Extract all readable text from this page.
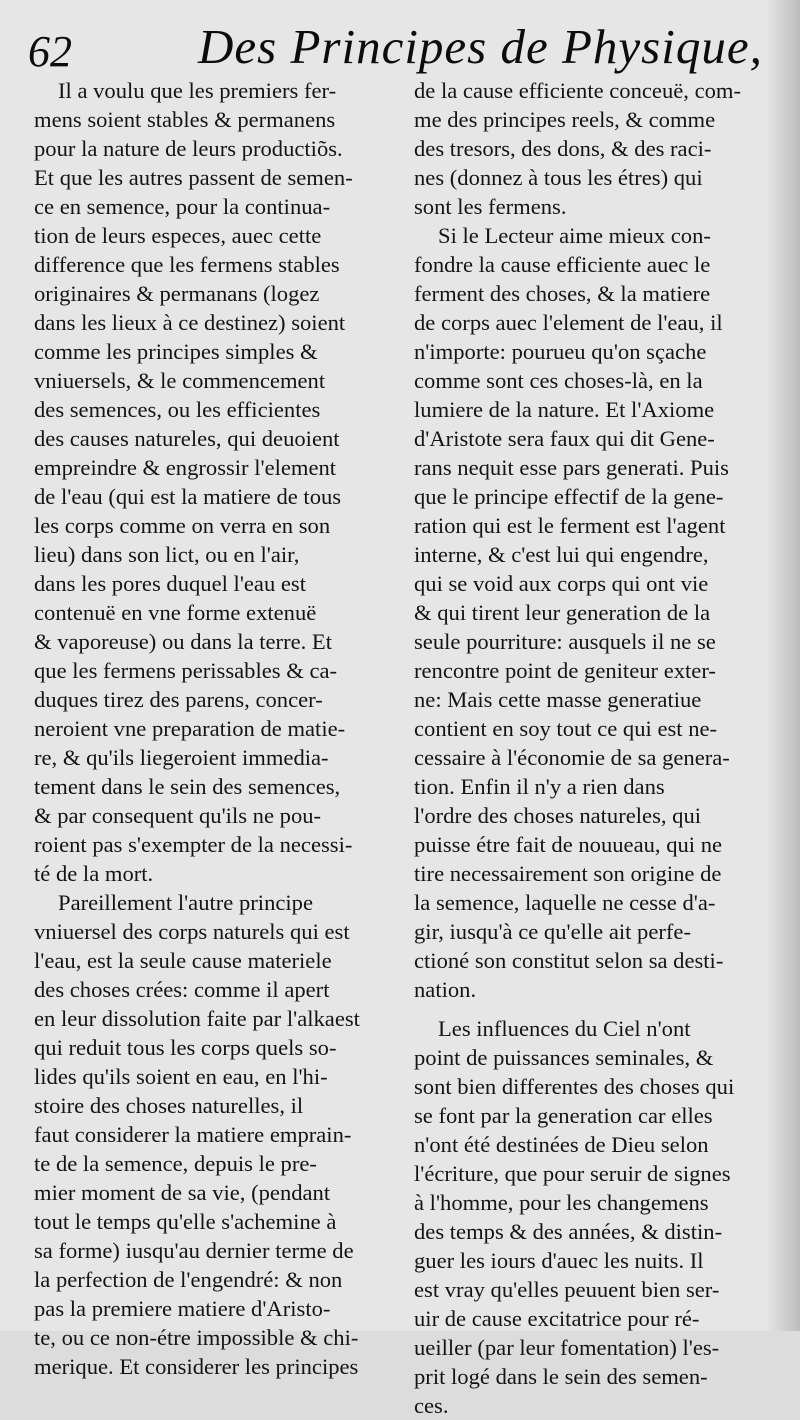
62	Des Principes de Physique,
Il a voulu que les premiers fer-
mens soient stables & permanens
pour la nature de leurs productiõs.
Et que les autres passent de semen-
ce en semence, pour la continua-
tion de leurs especes, auec cette
difference que les fermens stables
originaires & permanans (logez
dans les lieux à ce destinez) soient
comme les principes simples &
vniuersels, & le commencement
des semences, ou les efficientes
des causes natureles, qui deuoient
empreindre & engrossir l'element
de l'eau (qui est la matiere de tous
les corps comme on verra en son
lieu) dans son lict, ou en l'air,
dans les pores duquel l'eau est
contenuë en vne forme extenuë
& vaporeuse) ou dans la terre. Et
que les fermens perissables & ca-
duques tirez des parens, concer-
neroient vne preparation de matie-
re, & qu'ils liegeroient immedia-
tement dans le sein des semences,
& par consequent qu'ils ne pou-
roient pas s'exempter de la necessi-
té de la mort.
Pareillement l'autre principe
vniuersel des corps naturels qui est
l'eau, est la seule cause materiele
des choses crées: comme il apert
en leur dissolution faite par l'alkaest
qui reduit tous les corps quels so-
lides qu'ils soient en eau, en l'hi-
stoire des choses naturelles, il
faut considerer la matiere emprain-
te de la semence, depuis le pre-
mier moment de sa vie, (pendant
tout le temps qu'elle s'achemine à
sa forme) iusqu'au dernier terme de
la perfection de l'engendré: & non
pas la premiere matiere d'Aristo-
te, ou ce non-étre impossible & chi-
merique. Et considerer les principes
de la cause efficiente conceuë, com-
me des principes reels, & comme
des tresors, des dons, & des raci-
nes (donnez à tous les étres) qui
sont les fermens.
Si le Lecteur aime mieux con-
fondre la cause efficiente auec le
ferment des choses, & la matiere
de corps auec l'element de l'eau, il
n'importe: pourueu qu'on sçache
comme sont ces choses-là, en la
lumiere de la nature. Et l'Axiome
d'Aristote sera faux qui dit Gene-
rans nequit esse pars generati. Puis
que le principe effectif de la gene-
ration qui est le ferment est l'agent
interne, & c'est lui qui engendre,
qui se void aux corps qui ont vie
& qui tirent leur generation de la
seule pourriture: ausquels il ne se
rencontre point de geniteur exter-
ne: Mais cette masse generatiue
contient en soy tout ce qui est ne-
cessaire à l'économie de sa genera-
tion. Enfin il n'y a rien dans
l'ordre des choses natureles, qui
puisse étre fait de nouueau, qui ne
tire necessairement son origine de
la semence, laquelle ne cesse d'a-
gir, iusqu'à ce qu'elle ait perfe-
ctioné son constitut selon sa desti-
nation.
Les influences du Ciel n'ont
point de puissances seminales, &
sont bien differentes des choses qui
se font par la generation car elles
n'ont été destinées de Dieu selon
l'écriture, que pour seruir de signes
à l'homme, pour les changemens
des temps & des années, & distin-
guer les iours d'auec les nuits. Il
est vray qu'elles peuuent bien ser-
uir de cause excitatrice pour ré-
ueiller (par leur fomentation) l'es-
prit logé dans le sein des semen-
ces.
